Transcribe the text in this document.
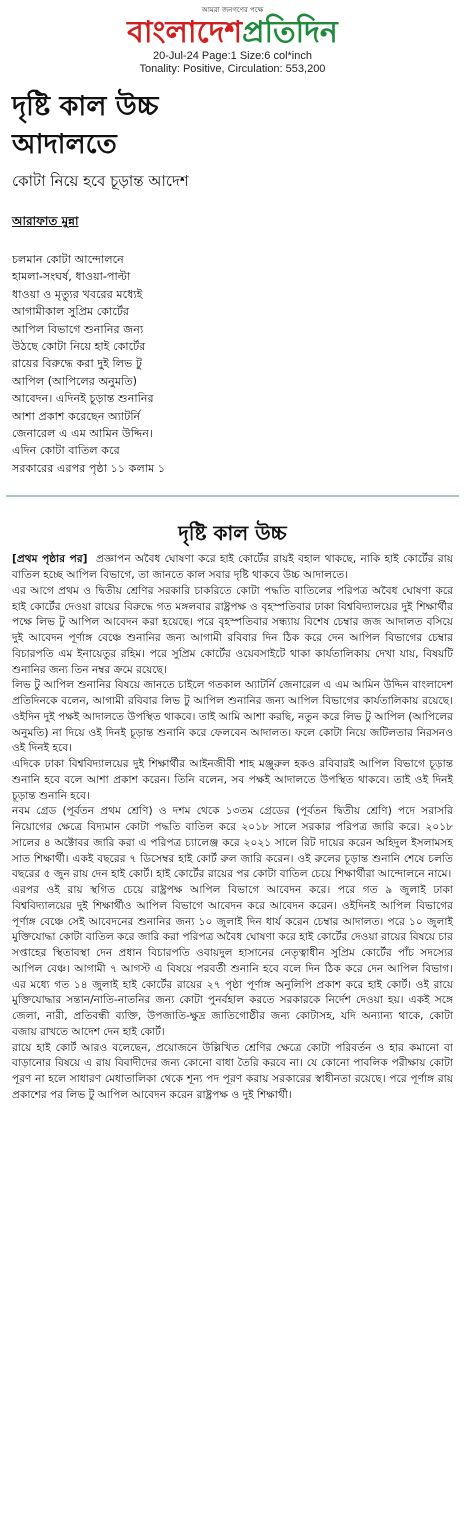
আমরা জনগণের পক্ষে
বাংলাদেশপ্রতিদিন
20-Jul-24 Page:1 Size:6 col*inch
Tonality: Positive, Circulation: 553,200
দৃষ্টি কাল উচ্চ আদালতে
কোটা নিয়ে হবে চূড়ান্ত আদেশ
আরাফাত মুন্না
চলমান কোটা আন্দোলনে
হামলা-সংঘর্ষ, ধাওয়া-পাল্টা
ধাওয়া ও মৃত্যুর খবরের মধ্যেই
আগামীকাল সুপ্রিম কোর্টের
আপিল বিভাগে শুনানির জন্য
উঠছে কোটা নিয়ে হাই কোর্টের
রায়ের বিরুদ্ধে করা দুই লিভ টু
আপিল (আপিলের অনুমতি)
আবেদন। এদিনই চূড়ান্ত শুনানির
আশা প্রকাশ করেছেন অ্যাটর্নি
জেনারেল এ এম আমিন উদ্দিন।
এদিন কোটা বাতিল করে
সরকারের এরপর পৃষ্ঠা ১১ কলাম ১
দৃষ্টি কাল উচ্চ

[প্রথম পৃষ্ঠার পর] প্রজ্ঞাপন অবৈধ ঘোষণা করে হাই কোর্টের রায়ই বহাল থাকছে, নাকি হাই কোর্টের রায় বাতিল হচ্ছে আপিল বিভাগে, তা জানতে কাল সবার দৃষ্টি থাকবে উচ্চ আদালতে।

এর আগে প্রথম ও দ্বিতীয় শ্রেণির সরকারি চাকরিতে কোটা পদ্ধতি বাতিলের পরিপত্র অবৈধ ঘোষণা করে হাই কোর্টের দেওয়া রায়ের বিরুদ্ধে গত মঙ্গলবার রাষ্ট্রপক্ষ ও বৃহস্পতিবার ঢাকা বিশ্ববিদ্যালয়ের দুই শিক্ষার্থীর পক্ষে লিভ টু আপিল আবেদন করা হয়েছে। পরে বৃহস্পতিবার সন্ধ্যায় বিশেষ চেম্বার জজ আদালত বসিয়ে দুই আবেদন পূর্ণাঙ্গ বেঞ্চে শুনানির জন্য আগামী রবিবার দিন ঠিক করে দেন আপিল বিভাগের চেম্বার বিচারপতি এম ইনায়েতুর রহিম। পরে সুপ্রিম কোর্টের ওয়েবসাইটে থাকা কার্যতালিকায় দেখা যায়, বিষয়টি শুনানির জন্য তিন নম্বর ক্রমে রয়েছে।

লিভ টু আপিল শুনানির বিষয়ে জানতে চাইলে গতকাল অ্যাটর্নি জেনারেল এ এম আমিন উদ্দিন বাংলাদেশ প্রতিদিনকে বলেন, আগামী রবিবার লিভ টু আপিল শুনানির জন্য আপিল বিভাগের কার্যতালিকায় রয়েছে। ওইদিন দুই পক্ষই আদালতে উপস্থিত থাকবে। তাই আমি আশা করছি, নতুন করে লিভ টু আপিল (আপিলের অনুমতি) না দিয়ে ওই দিনই চূড়ান্ত শুনানি করে ফেলবেন আদালত। ফলে কোটা নিয়ে জটিলতার নিরসনও ওই দিনই হবে।

এদিকে ঢাকা বিশ্ববিদ্যালয়ের দুই শিক্ষার্থীর আইনজীবী শাহ মঞ্জুরুল হকও রবিবারই আপিল বিভাগে চূড়ান্ত শুনানি হবে বলে আশা প্রকাশ করেন। তিনি বলেন, সব পক্ষই আদালতে উপস্থিত থাকবে। তাই ওই দিনই চূড়ান্ত শুনানি হবে।

নবম গ্রেড (পূর্বতন প্রথম শ্রেণি) ও দশম থেকে ১৩তম গ্রেডের (পূর্বতন দ্বিতীয় শ্রেণি) পদে সরাসরি নিয়োগের ক্ষেত্রে বিদ্যমান কোটা পদ্ধতি বাতিল করে ২০১৮ সালে সরকার পরিপত্র জারি করে। ২০১৮ সালের ৪ অক্টোবর জারি করা এ পরিপত্র চ্যালেঞ্জ করে ২০২১ সালে রিট দায়ের করেন অহিদুল ইসলামসহ সাত শিক্ষার্থী। একই বছরের ৭ ডিসেম্বর হাই কোর্ট রুল জারি করেন। ওই রুলের চূড়ান্ত শুনানি শেষে চলতি বছরের ৫ জুন রায় দেন হাই কোর্ট। হাই কোর্টের রায়ের পর কোটা বাতিল চেয়ে শিক্ষার্থীরা আন্দোলনে নামে।

এরপর ওই রায় স্থগিত চেয়ে রাষ্ট্রপক্ষ আপিল বিভাগে আবেদন করে। পরে গত ৯ জুলাই ঢাকা বিশ্ববিদ্যালয়ের দুই শিক্ষার্থীও আপিল বিভাগে আবেদন করে আবেদন করেন। ওইদিনই আপিল বিভাগের পূর্ণাঙ্গ বেঞ্চে সেই আবেদনের শুনানির জন্য ১০ জুলাই দিন ধার্য করেন চেম্বার আদালত। পরে ১০ জুলাই মুক্তিযোদ্ধা কোটা বাতিল করে জারি করা পরিপত্র অবৈধ ঘোষণা করে হাই কোর্টের দেওয়া রায়ের বিষয়ে চার সপ্তাহের স্থিতাবস্থা দেন প্রধান বিচারপতি ওবায়দুল হাসানের নেতৃত্বাধীন সুপ্রিম কোর্টের পাঁচ সদস্যের আপিল বেঞ্চ। আগামী ৭ আগস্ট এ বিষয়ে পরবর্তী শুনানি হবে বলে দিন ঠিক করে দেন আপিল বিভাগ। এর মধ্যে গত ১৪ জুলাই হাই কোর্টের রায়ের ২৭ পৃষ্ঠা পূর্ণাঙ্গ অনুলিপি প্রকাশ করে হাই কোর্ট। ওই রায়ে মুক্তিযোদ্ধার সন্তান/নাতি-নাতনির জন্য কোটা পুনর্বহাল করতে সরকারকে নির্দেশ দেওয়া হয়। একই সঙ্গে জেলা, নারী, প্রতিবন্ধী ব্যক্তি, উপজাতি-ক্ষুদ্র জাতিগোষ্ঠীর জন্য কোটাসহ, যদি অন্যান্য থাকে, কোটা বজায় রাখতে আদেশ দেন হাই কোর্ট।

রায়ে হাই কোর্ট আরও বলেছেন, প্রয়োজনে উল্লিখিত শ্রেণির ক্ষেত্রে কোটা পরিবর্তন ও হার কমানো বা বাড়ানোর বিষয়ে এ রায় বিবাদীদের জন্য কোনো বাধা তৈরি করবে না। যে কোনো পাবলিক পরীক্ষায় কোটা পূরণ না হলে সাধারণ মেধাতালিকা থেকে শূন্য পদ পূরণ করায় সরকারের স্বাধীনতা রয়েছে। পরে পূর্ণাঙ্গ রায় প্রকাশের পর লিভ টু আপিল আবেদন করেন রাষ্ট্রপক্ষ ও দুই শিক্ষার্থী।
